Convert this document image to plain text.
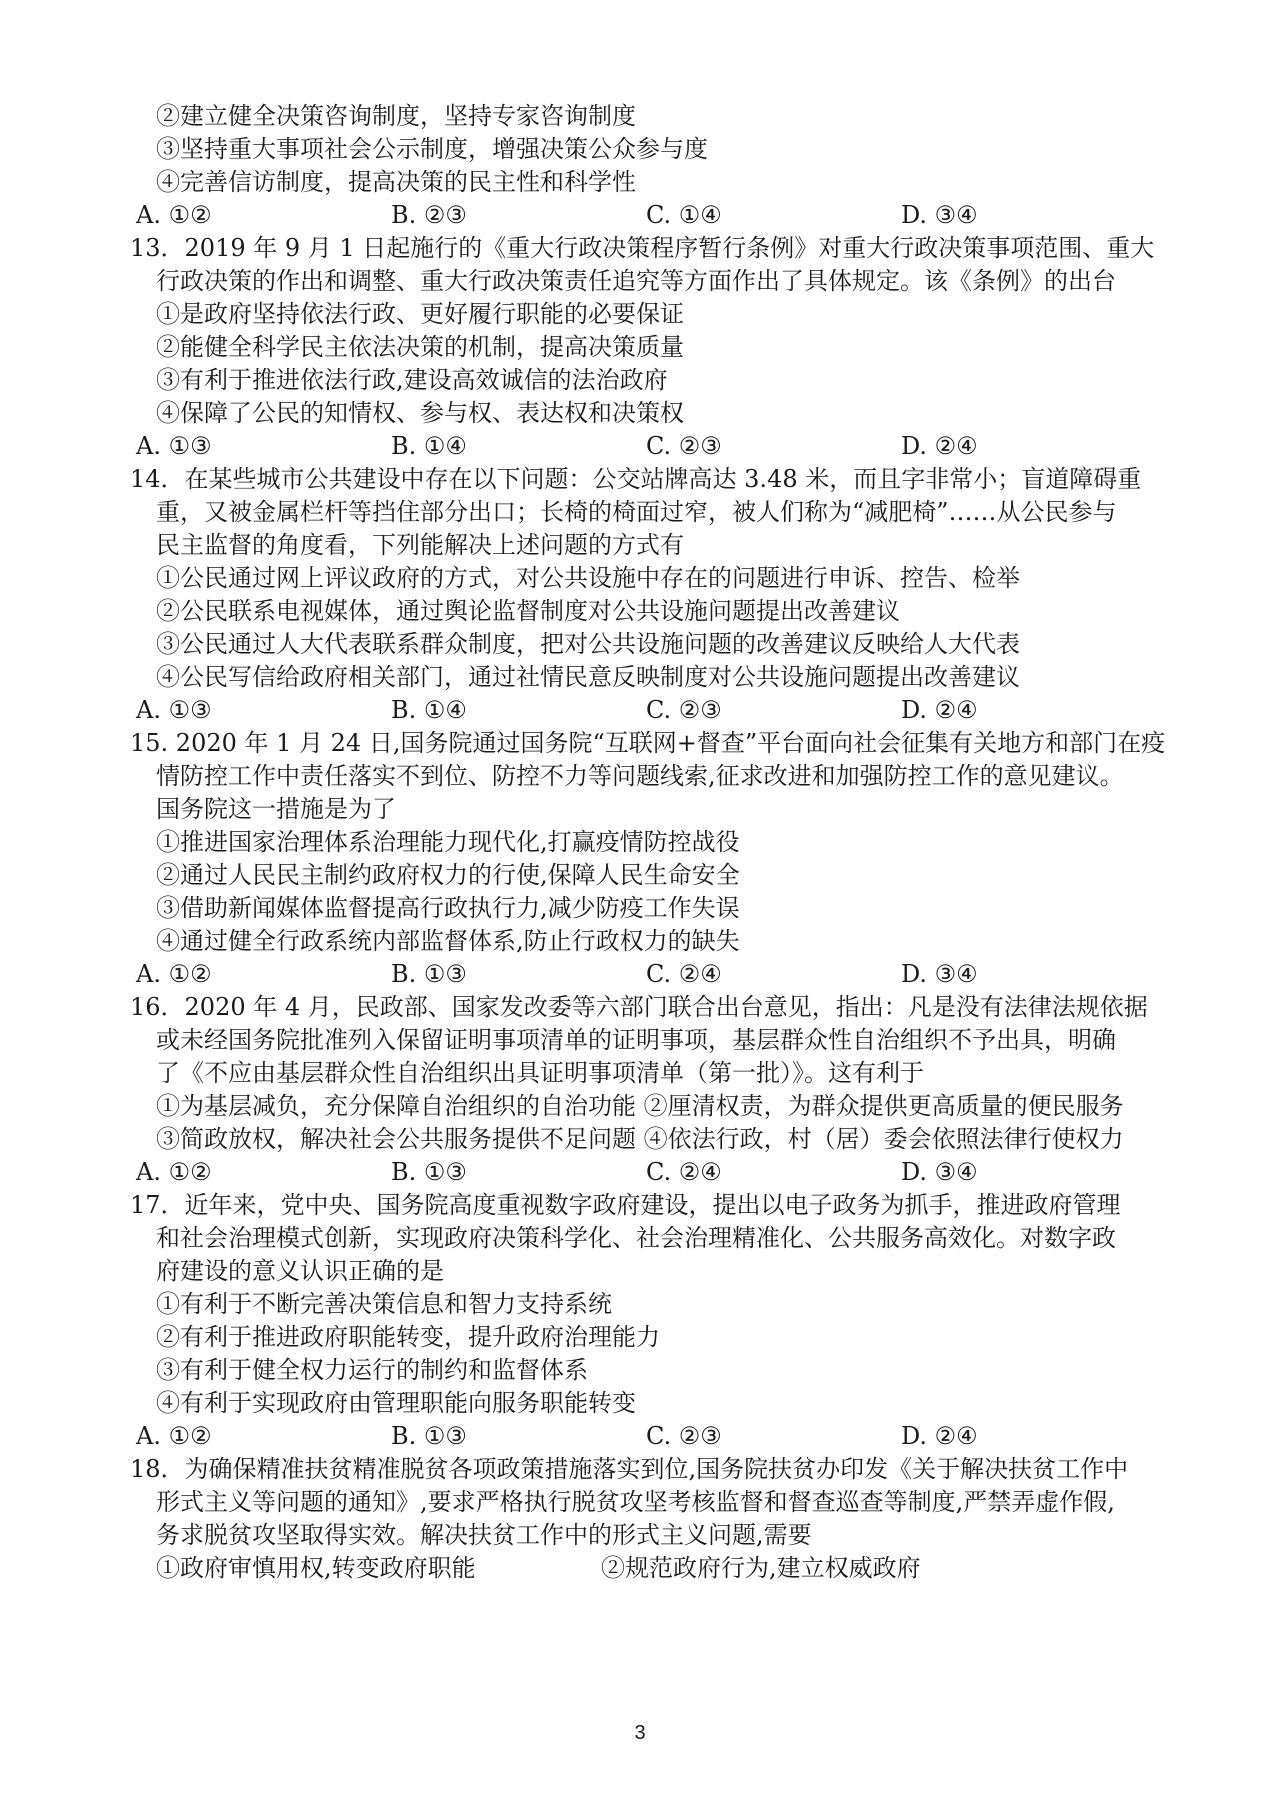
②建立健全决策咨询制度，坚持专家咨询制度
③坚持重大事项社会公示制度，增强决策公众参与度
④完善信访制度，提高决策的民主性和科学性
A. ①②	B. ②③	C. ①④	D. ③④
13．2019 年 9 月 1 日起施行的《重大行政决策程序暂行条例》对重大行政决策事项范围、重大
行政决策的作出和调整、重大行政决策责任追究等方面作出了具体规定。该《条例》的出台
①是政府坚持依法行政、更好履行职能的必要保证
②能健全科学民主依法决策的机制，提高决策质量
③有利于推进依法行政,建设高效诚信的法治政府
④保障了公民的知情权、参与权、表达权和决策权
A. ①③	B. ①④	C. ②③	D. ②④
14．在某些城市公共建设中存在以下问题：公交站牌高达 3.48 米，而且字非常小；盲道障碍重
重，又被金属栏杆等挡住部分出口；长椅的椅面过窄，被人们称为“减肥椅”……从公民参与
民主监督的角度看，下列能解决上述问题的方式有
①公民通过网上评议政府的方式，对公共设施中存在的问题进行申诉、控告、检举
②公民联系电视媒体，通过舆论监督制度对公共设施问题提出改善建议
③公民通过人大代表联系群众制度，把对公共设施问题的改善建议反映给人大代表
④公民写信给政府相关部门，通过社情民意反映制度对公共设施问题提出改善建议
A. ①③	B. ①④	C. ②③	D. ②④
15. 2020 年 1 月 24 日,国务院通过国务院“互联网+督查”平台面向社会征集有关地方和部门在疫
情防控工作中责任落实不到位、防控不力等问题线索,征求改进和加强防控工作的意见建议。
国务院这一措施是为了
①推进国家治理体系治理能力现代化,打赢疫情防控战役
②通过人民民主制约政府权力的行使,保障人民生命安全
③借助新闻媒体监督提高行政执行力,减少防疫工作失误
④通过健全行政系统内部监督体系,防止行政权力的缺失
A. ①②	B. ①③	C. ②④	D. ③④
16．2020 年 4 月，民政部、国家发改委等六部门联合出台意见，指出：凡是没有法律法规依据
或未经国务院批准列入保留证明事项清单的证明事项，基层群众性自治组织不予出具，明确
了《不应由基层群众性自治组织出具证明事项清单（第一批）》。这有利于
①为基层减负，充分保障自治组织的自治功能 ②厘清权责，为群众提供更高质量的便民服务
③简政放权，解决社会公共服务提供不足问题 ④依法行政，村（居）委会依照法律行使权力
A. ①②	B. ①③	C. ②④	D. ③④
17．近年来，党中央、国务院高度重视数字政府建设，提出以电子政务为抓手，推进政府管理
和社会治理模式创新，实现政府决策科学化、社会治理精准化、公共服务高效化。对数字政
府建设的意义认识正确的是
①有利于不断完善决策信息和智力支持系统
②有利于推进政府职能转变，提升政府治理能力
③有利于健全权力运行的制约和监督体系
④有利于实现政府由管理职能向服务职能转变
A. ①②	B. ①③	C. ②③	D. ②④
18．为确保精准扶贫精准脱贫各项政策措施落实到位,国务院扶贫办印发《关于解决扶贫工作中
形式主义等问题的通知》,要求严格执行脱贫攻坚考核监督和督查巡查等制度,严禁弄虚作假,
务求脱贫攻坚取得实效。解决扶贫工作中的形式主义问题,需要
①政府审慎用权,转变政府职能	②规范政府行为,建立权威政府
3
